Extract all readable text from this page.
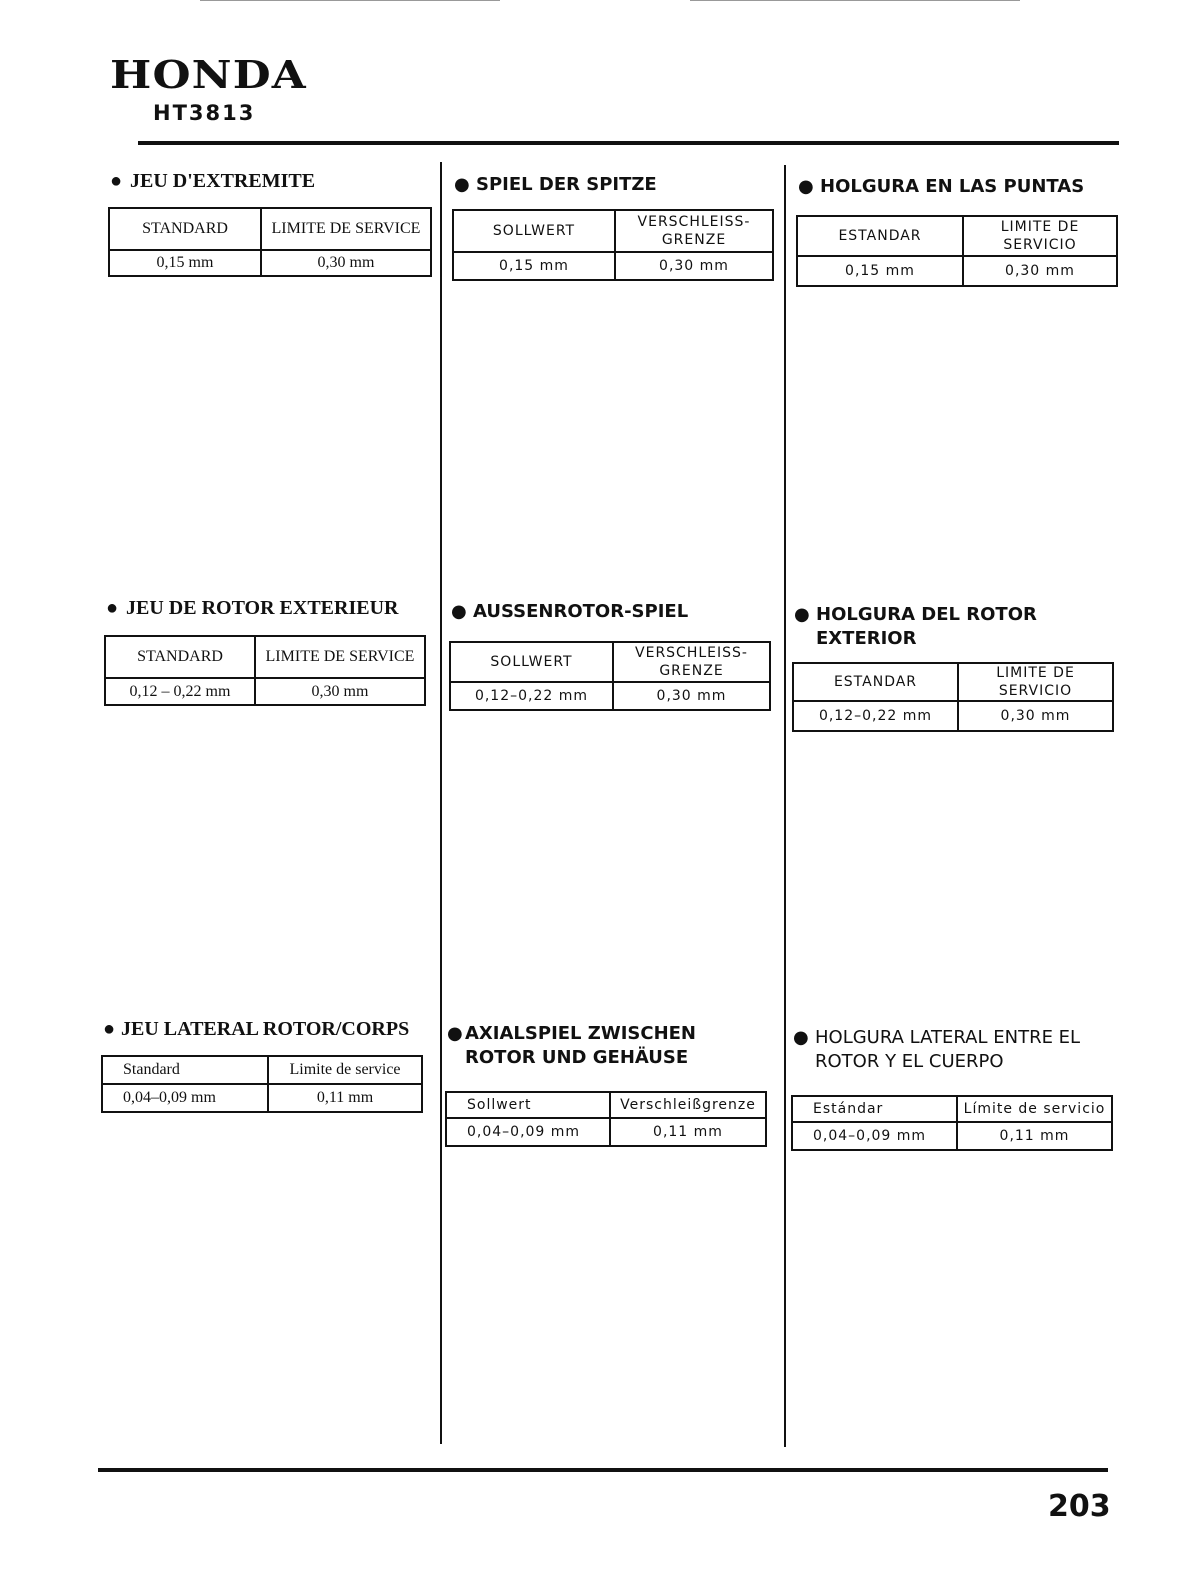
HONDA
HT3813
● JEU D'EXTREMITE
STANDARD	LIMITE DE SERVICE
0,15 mm	0,30 mm
● JEU DE ROTOR EXTERIEUR
STANDARD	LIMITE DE SERVICE
0,12 – 0,22 mm	0,30 mm
● JEU LATERAL ROTOR/CORPS
Standard	Limite de service
0,04–0,09 mm	0,11 mm
● SPIEL DER SPITZE
SOLLWERT	VERSCHLEISS-GRENZE
0,15 mm	0,30 mm
● AUSSENROTOR-SPIEL
SOLLWERT	VERSCHLEISS-GRENZE
0,12–0,22 mm	0,30 mm
● AXIALSPIEL ZWISCHEN ROTOR UND GEHÄUSE
Sollwert	Verschleißgrenze
0,04–0,09 mm	0,11 mm
● HOLGURA EN LAS PUNTAS
ESTANDAR	LIMITE DE SERVICIO
0,15 mm	0,30 mm
● HOLGURA DEL ROTOR EXTERIOR
ESTANDAR	LIMITE DE SERVICIO
0,12–0,22 mm	0,30 mm
● HOLGURA LATERAL ENTRE EL ROTOR Y EL CUERPO
Estándar	Límite de servicio
0,04–0,09 mm	0,11 mm
203
